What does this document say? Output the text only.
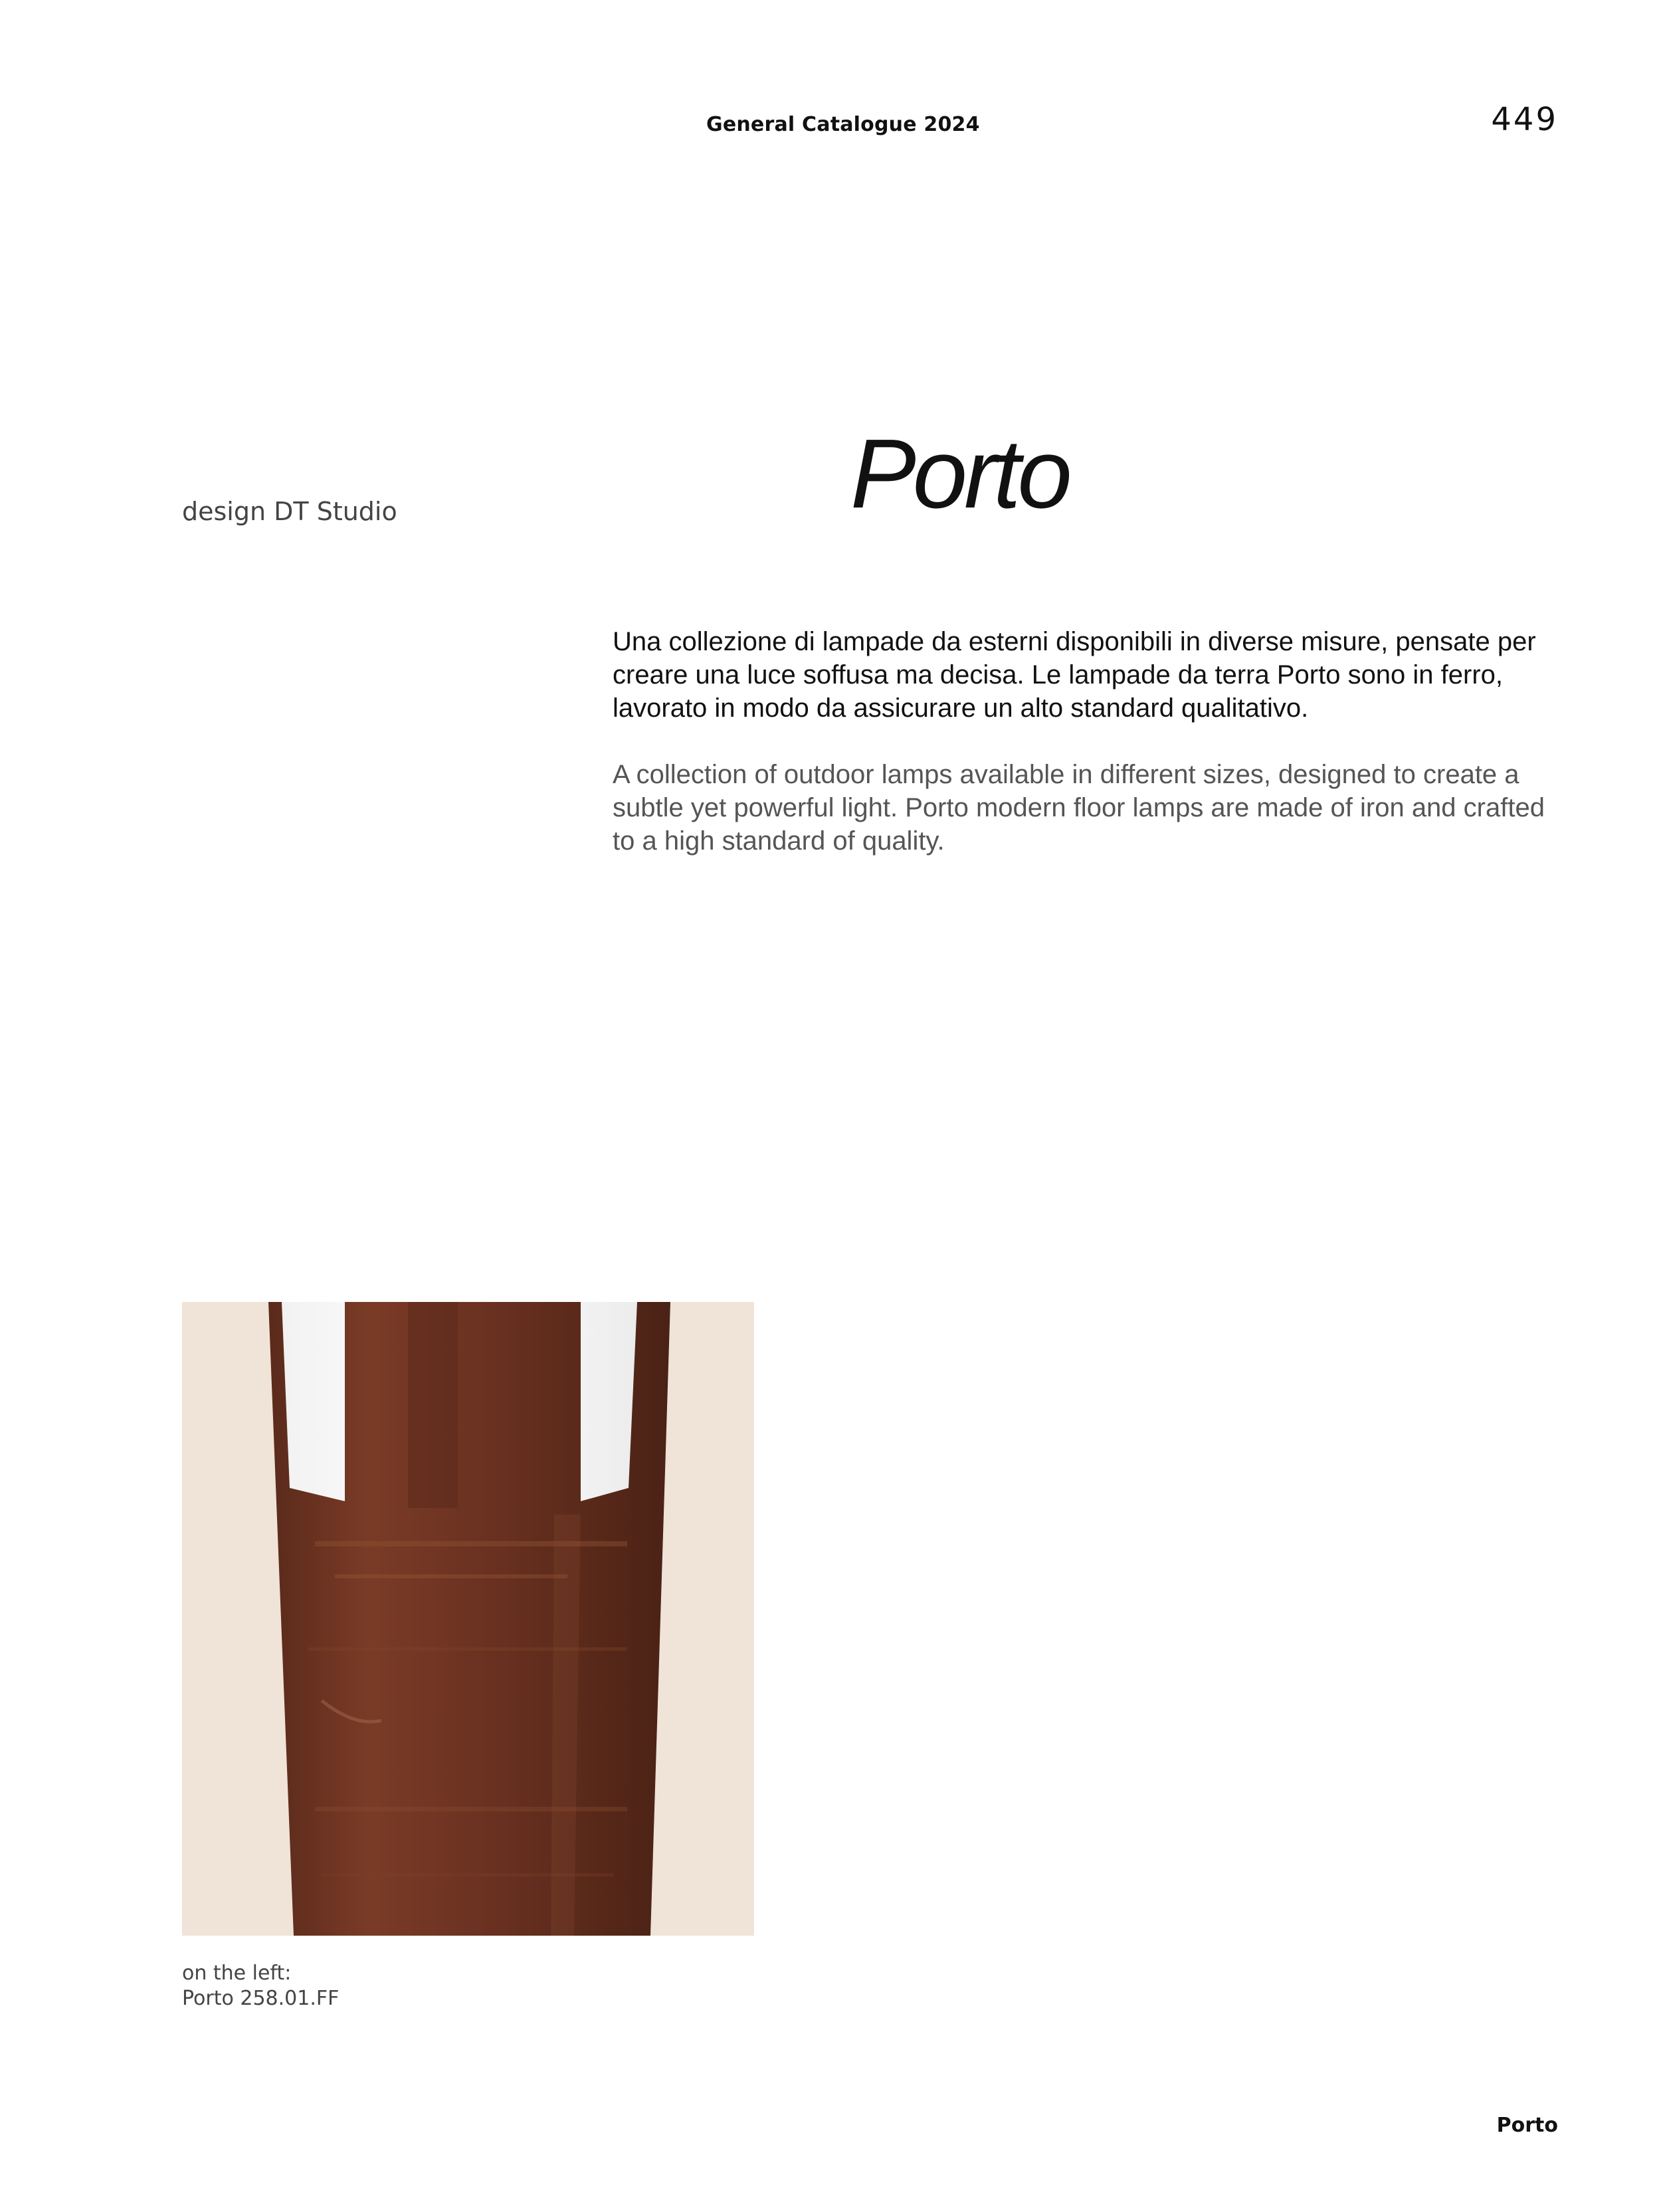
General Catalogue 2024	449
design DT Studio	Porto
Una collezione di lampade da esterni disponibili in diverse misure, pensate per creare una luce soffusa ma decisa. Le lampade da terra Porto sono in ferro, lavorato in modo da assicurare un alto standard qualitativo.
A collection of outdoor lamps available in different sizes, designed to create a subtle yet powerful light. Porto modern floor lamps are made of iron and crafted to a high standard of quality.
on the left:
Porto 258.01.FF
Porto
